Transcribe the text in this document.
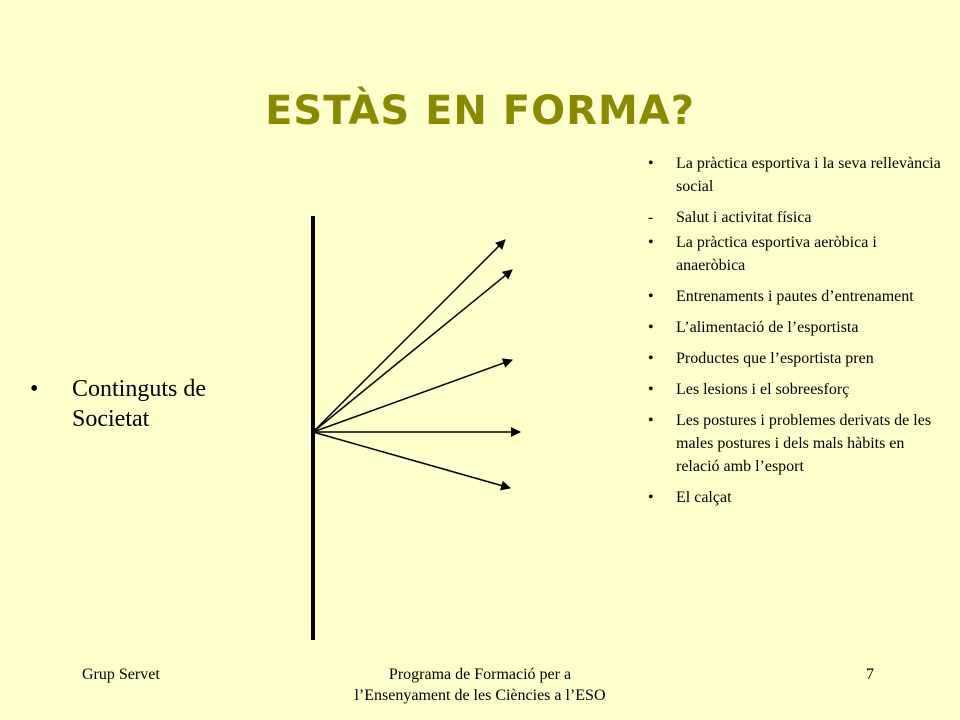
ESTÀS EN FORMA?
• Continguts de Societat
• La pràctica esportiva i la seva rellevància social
- Salut i activitat física
• La pràctica esportiva aeròbica i anaeròbica
• Entrenaments i pautes d’entrenament
• L’alimentació de l’esportista
• Productes que l’esportista pren
• Les lesions i el sobreesforç
• Les postures i problemes derivats de les males postures i dels mals hàbits en relació amb l’esport
• El calçat
Grup Servet	Programa de Formació per a l’Ensenyament de les Ciències a l’ESO
7
